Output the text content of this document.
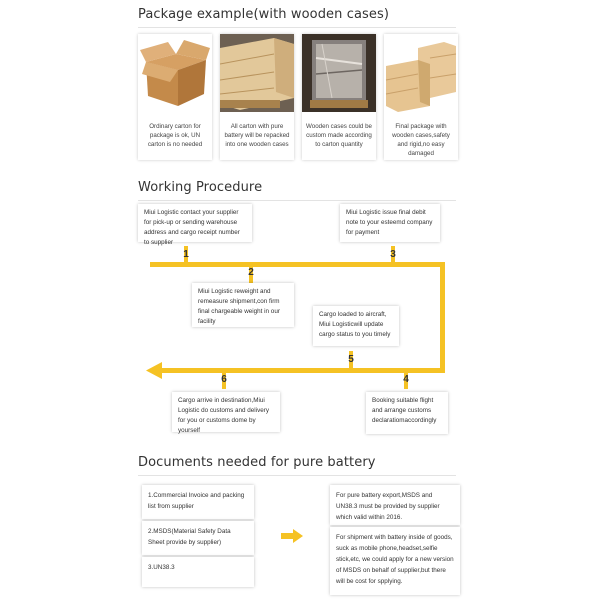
Package example(with wooden cases)
Ordinary carton for package is ok, UN carton is no needed
All carton with pure battery will be repacked into one wooden cases
Wooden cases could be custom made according to carton quantity
Final package with wooden cases,safety and rigid,no easy damaged
Working Procedure
Miui Logistic contact your supplier for pick-up or sending warehouse address and cargo receipt number to supplier
1
Miui Logistic reweight and remeasure shipment,con firm final chargeable weight in our facility
2
Miui Logistic issue final debit note to your esteemd company for payment
3
Booking suitable flight and arrange customs declaratiomaccordingly
4
Cargo loaded to aircraft, Miui Logisticwill update cargo status to you timely
5
Cargo arrive in destination,Miui Logistic do customs and delivery for you or customs dome by yourself
6
Documents needed for pure battery
1.Commercial Invoice and packing list from supplier
2.MSDS(Material Safety Data Sheet provide by supplier)
3.UN38.3
For pure battery export,MSDS and UN38.3 must be provided by supplier which valid within 2016.
For shipment with battery inside of goods, suck as mobile phone,headset,selfie stick,etc, we could apply for a new version of MSDS on behalf of supplier,but there will be cost for spplying.
